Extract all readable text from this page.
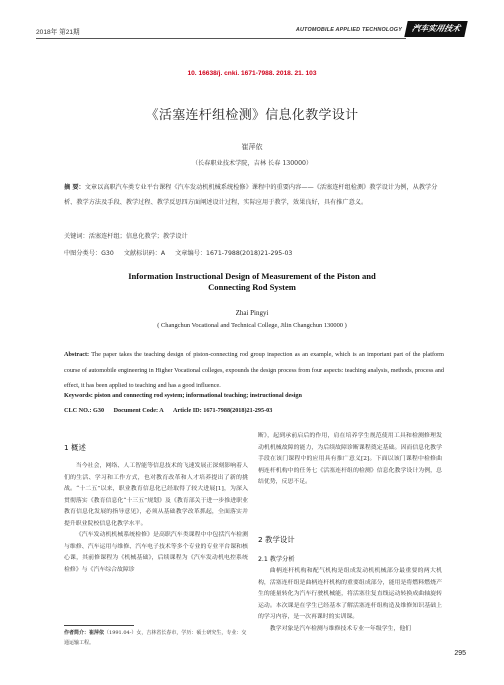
2018年 第21期	AUTOMOBILE APPLIED TECHNOLOGY	汽车实用技术
10. 16638/j. cnki. 1671-7988. 2018. 21. 103
《活塞连杆组检测》信息化教学设计
崔萍依
（长春职业技术学院，吉林 长春 130000）
摘 要：文章以高职汽车类专业平台课程《汽车发动机机械系统检修》课程中的重要内容——《活塞连杆组检测》教学设计为例，从教学分析、教学方法及手段、教学过程、教学反思四方面阐述设计过程，实际应用于教学，效果良好，具有推广意义。
关键词：活塞连杆组；信息化教学；教学设计
中图分类号：G30 文献标识码：A 文章编号：1671-7988(2018)21-295-03
Information Instructional Design of Measurement of the Piston and
Connecting Rod System
Zhai Pingyi
( Changchun Vocational and Technical College, Jilin Changchun 130000 )
Abstract: The paper takes the teaching design of piston-connecting rod group inspection as an example, which is an important part of the platform course of automobile engineering in Higher Vocational colleges, expounds the design process from four aspects: teaching analysis, methods, process and effect, it has been applied to teaching and has a good influence.
Keywords: piston and connecting rod system; informational teaching; instructional design
CLC NO.: G30 Document Code: A Article ID: 1671-7988(2018)21-295-03
1 概述

当今社会，网络、人工智能等信息技术的飞速发展正深刻影响着人们的生活、学习和工作方式，也对教育改革和人才培养提出了新的挑战。“十二五”以来，职业教育信息化已经取得了较大进展[1]，为深入贯彻落实《教育信息化“十三五”规划》及《教育部关于进一步推进职业教育信息化发展的指导意见》，必须从基础教学改革抓起，全面落实并提升职业院校信息化教学水平。

《汽车发动机机械系统检修》是高职汽车类课程中中包括汽车检测与维修、汽车运用与维修、汽车电子技术等多个专业的专业平台课和核心课，其前修课程为《机械基础》，后续课程为《汽车发动机电控系统检修》与《汽车综合故障诊

断》，起到承前启后的作用，肩在培养学生规范使用工具和检测修理发动机机械故障的能力，为后续故障诊断课程奠定基础。因而信息化教学手段在该门课程中的应用具有推广意义[2]。下面以该门课程中检修曲柄连杆机构中的任务七《活塞连杆组的检测》信息化教学设计为例，总结优势，反思不足。

2 教学设计
2.1 教学分析

曲柄连杆机构和配气机构是组成发动机机械部分最重要的两大机构，活塞连杆组是曲柄连杆机构的重要组成部分，能用是将燃料燃烧产生的能量转化为汽车行驶机械能，将活塞往复直线运动转换成曲轴旋转运动。本次课是在学生已经基本了解活塞连杆组构造及维修知识基础上的学习内容，是一次再课时的实训课。

教学对象是汽车检测与维修技术专业一年级学生，他们

作者简介：崔萍依（1991.04-）女，吉林省长春市，学历：硕士研究生，专业：交通运输工程。
295
